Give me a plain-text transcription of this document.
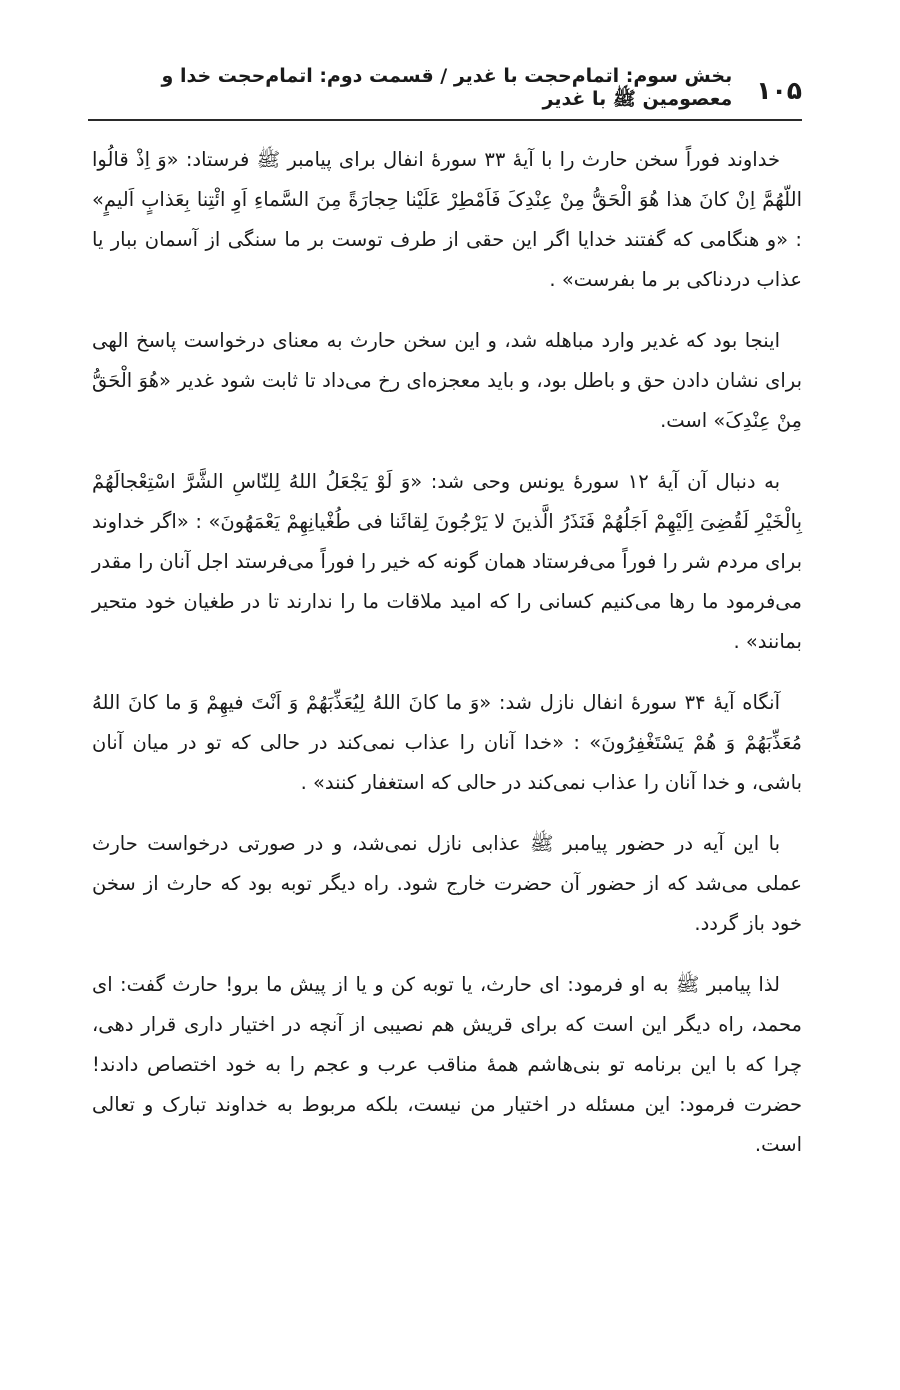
۱۰۵
بخش سوم: اتمام‌حجت با غدیر / قسمت دوم: اتمام‌حجت خدا و معصومین ﷺ با غدیر

خداوند فوراً سخن حارث را با آیهٔ ۳۳ سورهٔ انفال برای پیامبر ﷺ فرستاد: «وَ اِذْ قالُوا اللّهُمَّ اِنْ کانَ هذا هُوَ الْحَقُّ مِنْ عِنْدِکَ فَاَمْطِرْ عَلَیْنا حِجارَةً مِنَ السَّماءِ اَوِ ائْتِنا بِعَذابٍ اَلیمٍ» : «و هنگامی که گفتند خدایا اگر این حقی از طرف توست بر ما سنگی از آسمان ببار یا عذاب دردناکی بر ما بفرست» .

اینجا بود که غدیر وارد مباهله شد، و این سخن حارث به معنای درخواست پاسخ الهی برای نشان دادن حق و باطل بود، و باید معجزه‌ای رخ می‌داد تا ثابت شود غدیر «هُوَ الْحَقُّ مِنْ عِنْدِکَ» است.

به دنبال آن آیهٔ ۱۲ سورهٔ یونس وحی شد: «وَ لَوْ یَجْعَلُ اللهُ لِلنّاسِ الشَّرَّ اسْتِعْجالَهُمْ بِالْخَیْرِ لَقُضِیَ اِلَیْهِمْ اَجَلُهُمْ فَنَذَرُ الَّذینَ لا یَرْجُونَ لِقائَنا فی طُغْیانِهِمْ یَعْمَهُونَ» : «اگر خداوند برای مردم شر را فوراً می‌فرستاد همان گونه که خیر را فوراً می‌فرستد اجل آنان را مقدر می‌فرمود ما رها می‌کنیم کسانی را که امید ملاقات ما را ندارند تا در طغیان خود متحیر بمانند» .

آنگاه آیهٔ ۳۴ سورهٔ انفال نازل شد: «وَ ما کانَ اللهُ لِیُعَذِّبَهُمْ وَ اَنْتَ فیهِمْ وَ ما کانَ اللهُ مُعَذِّبَهُمْ وَ هُمْ یَسْتَغْفِرُونَ» : «خدا آنان را عذاب نمی‌کند در حالی که تو در میان آنان باشی، و خدا آنان را عذاب نمی‌کند در حالی که استغفار کنند» .

با این آیه در حضور پیامبر ﷺ عذابی نازل نمی‌شد، و در صورتی درخواست حارث عملی می‌شد که از حضور آن حضرت خارج شود. راه دیگر توبه بود که حارث از سخن خود باز گردد.

لذا پیامبر ﷺ به او فرمود: ای حارث، یا توبه کن و یا از پیش ما برو! حارث گفت: ای محمد، راه دیگر این است که برای قریش هم نصیبی از آنچه در اختیار داری قرار دهی، چرا که با این برنامه تو بنی‌هاشم همهٔ مناقب عرب و عجم را به خود اختصاص دادند! حضرت فرمود: این مسئله در اختیار من نیست، بلکه مربوط به خداوند تبارک و تعالی است.
